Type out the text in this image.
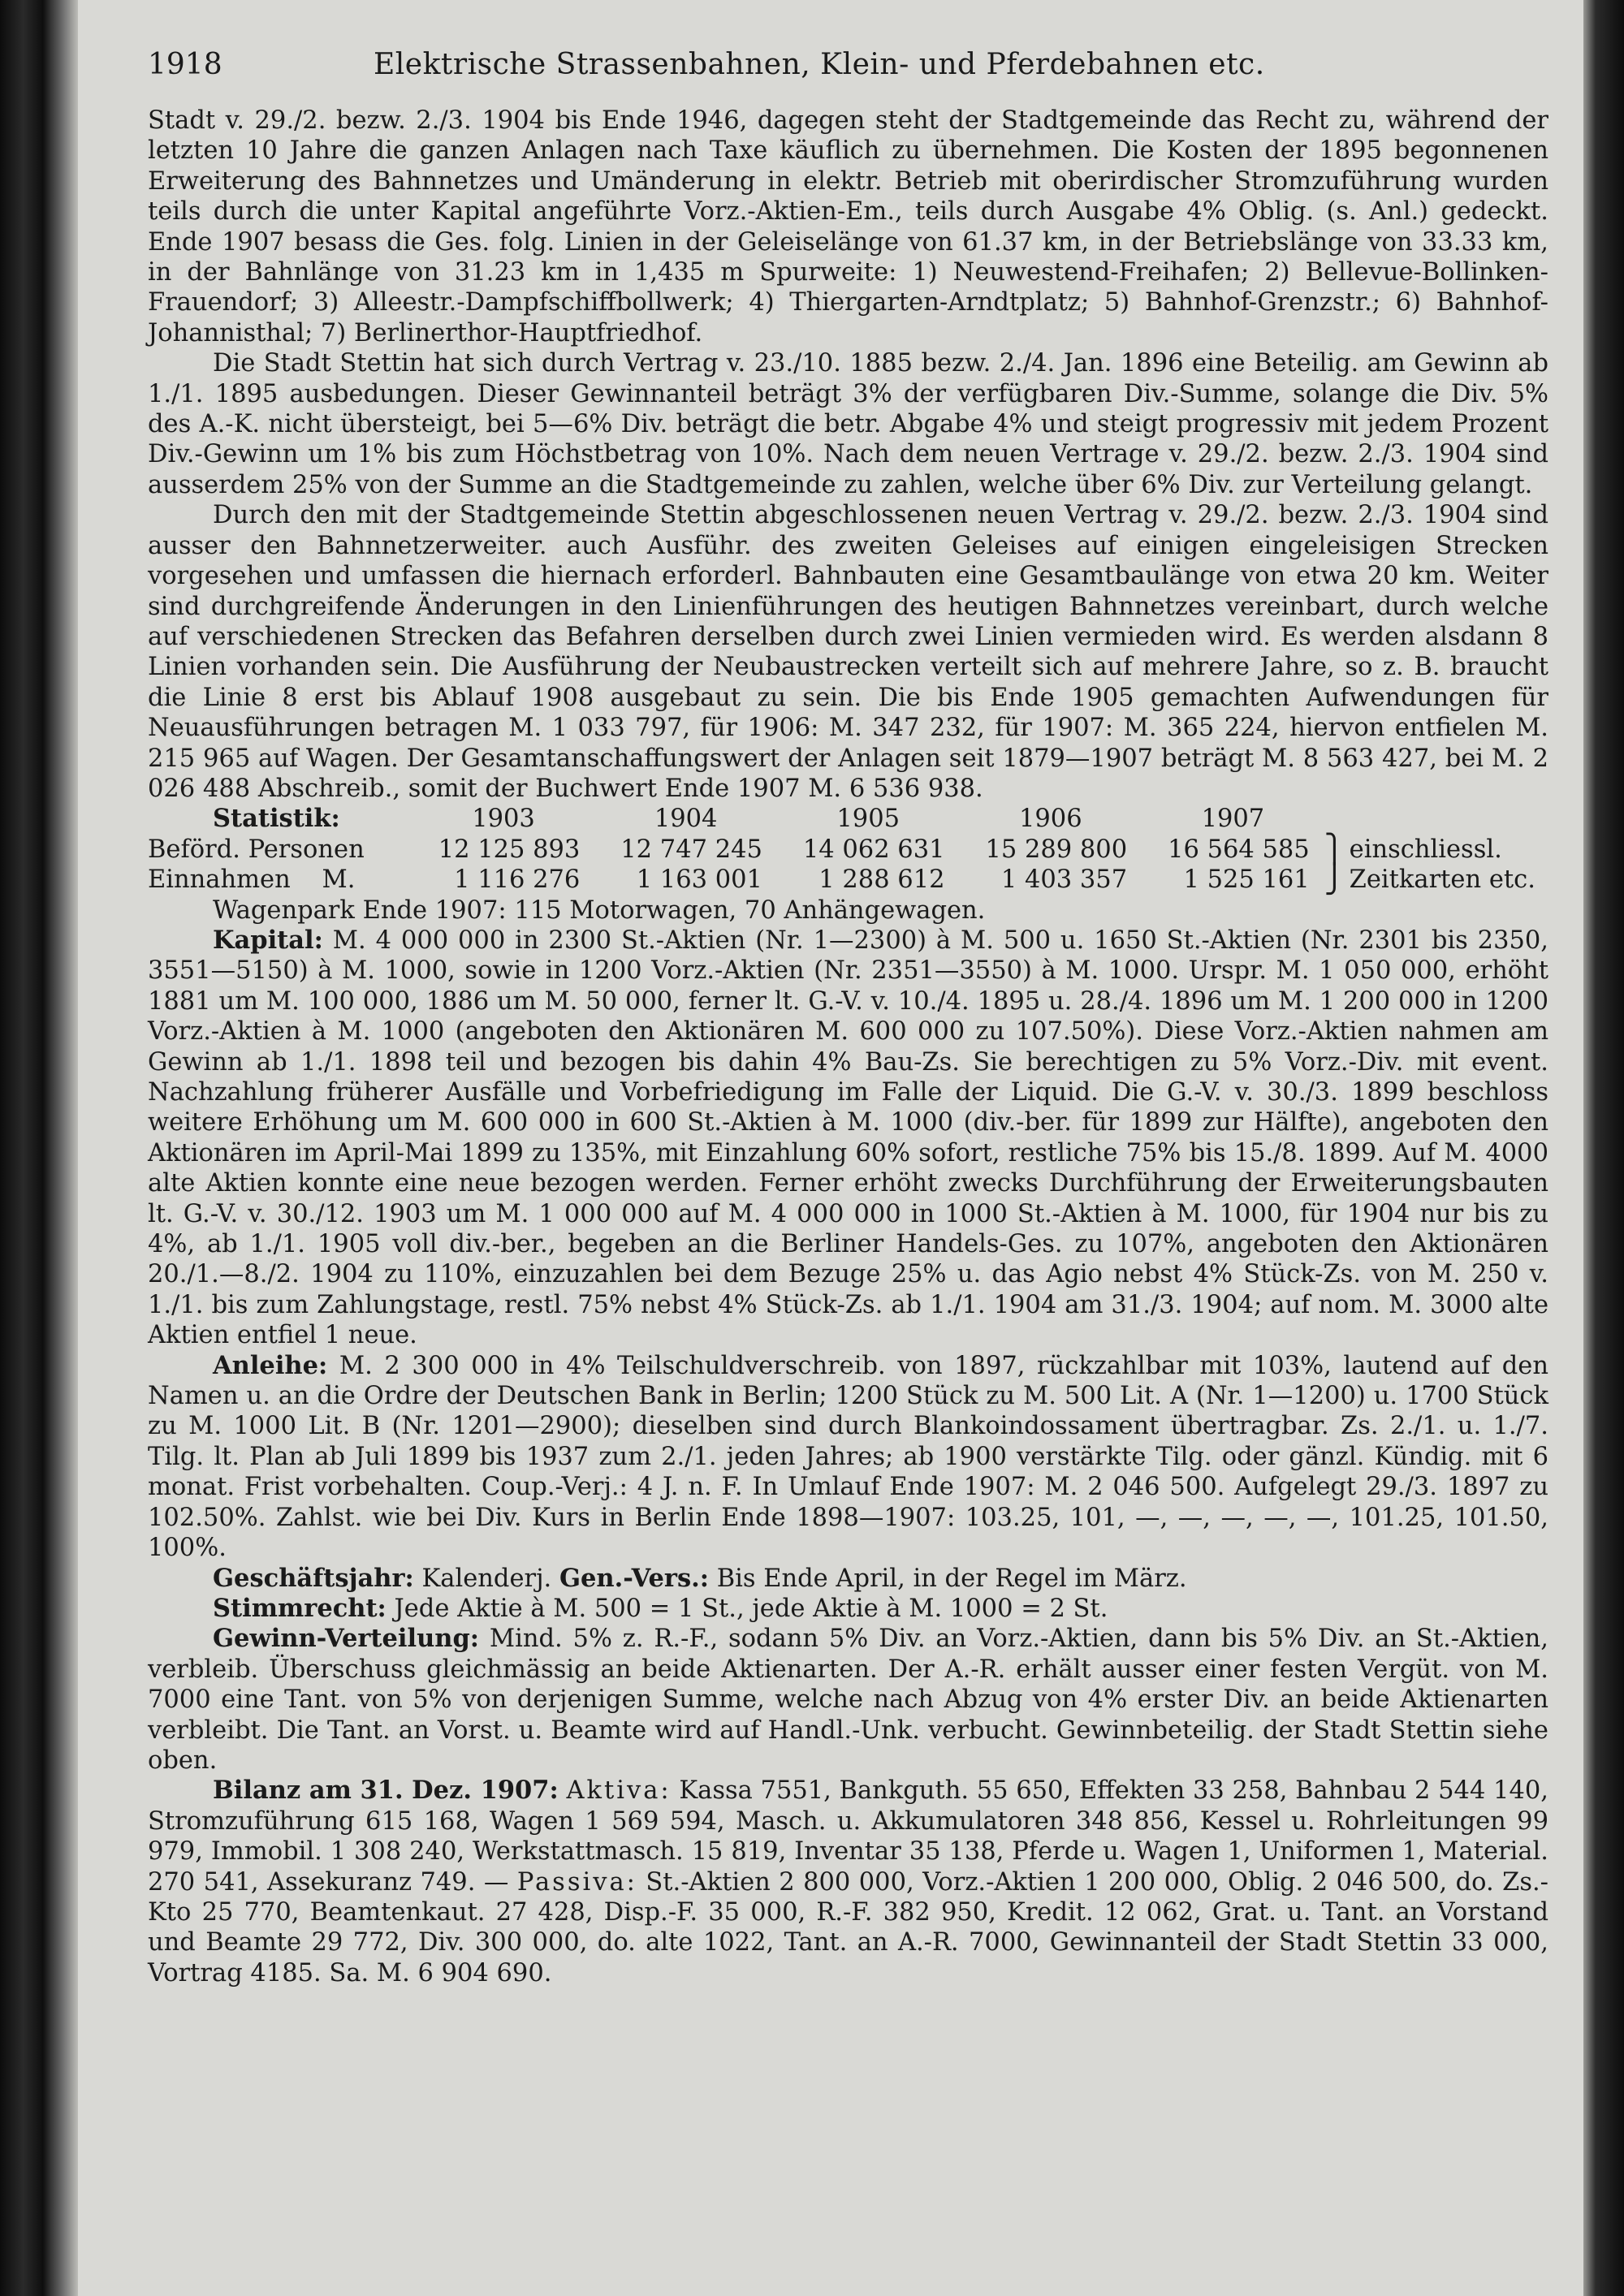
1918	Elektrische Strassenbahnen, Klein- und Pferdebahnen etc.

Stadt v. 29./2. bezw. 2./3. 1904 bis Ende 1946, dagegen steht der Stadtgemeinde das Recht zu, während der letzten 10 Jahre die ganzen Anlagen nach Taxe käuflich zu übernehmen. Die Kosten der 1895 begonnenen Erweiterung des Bahnnetzes und Umänderung in elektr. Betrieb mit oberirdischer Stromzuführung wurden teils durch die unter Kapital angeführte Vorz.-Aktien-Em., teils durch Ausgabe 4% Oblig. (s. Anl.) gedeckt. Ende 1907 besass die Ges. folg. Linien in der Geleiselänge von 61.37 km, in der Betriebslänge von 33.33 km, in der Bahnlänge von 31.23 km in 1,435 m Spurweite: 1) Neuwestend-Freihafen; 2) Bellevue-Bollinken-Frauendorf; 3) Alleestr.-Dampfschiffbollwerk; 4) Thiergarten-Arndtplatz; 5) Bahnhof-Grenzstr.; 6) Bahnhof-Johannisthal; 7) Berlinerthor-Hauptfriedhof.

Die Stadt Stettin hat sich durch Vertrag v. 23./10. 1885 bezw. 2./4. Jan. 1896 eine Beteilig. am Gewinn ab 1./1. 1895 ausbedungen. Dieser Gewinnanteil beträgt 3% der verfügbaren Div.-Summe, solange die Div. 5% des A.-K. nicht übersteigt, bei 5—6% Div. beträgt die betr. Abgabe 4% und steigt progressiv mit jedem Prozent Div.-Gewinn um 1% bis zum Höchstbetrag von 10%. Nach dem neuen Vertrage v. 29./2. bezw. 2./3. 1904 sind ausserdem 25% von der Summe an die Stadtgemeinde zu zahlen, welche über 6% Div. zur Verteilung gelangt.

Durch den mit der Stadtgemeinde Stettin abgeschlossenen neuen Vertrag v. 29./2. bezw. 2./3. 1904 sind ausser den Bahnnetzerweiter. auch Ausführ. des zweiten Geleises auf einigen eingeleisigen Strecken vorgesehen und umfassen die hiernach erforderl. Bahnbauten eine Gesamtbaulänge von etwa 20 km. Weiter sind durchgreifende Änderungen in den Linienführungen des heutigen Bahnnetzes vereinbart, durch welche auf verschiedenen Strecken das Befahren derselben durch zwei Linien vermieden wird. Es werden alsdann 8 Linien vorhanden sein. Die Ausführung der Neubaustrecken verteilt sich auf mehrere Jahre, so z. B. braucht die Linie 8 erst bis Ablauf 1908 ausgebaut zu sein. Die bis Ende 1905 gemachten Aufwendungen für Neuausführungen betragen M. 1 033 797, für 1906: M. 347 232, für 1907: M. 365 224, hiervon entfielen M. 215 965 auf Wagen. Der Gesamtanschaffungswert der Anlagen seit 1879—1907 beträgt M. 8 563 427, bei M. 2 026 488 Abschreib., somit der Buchwert Ende 1907 M. 6 536 938.

Statistik:	1903	1904	1905	1906	1907		
Beförd. Personen	12 125 893	12 747 245	14 062 631	15 289 800	16 564 585	⎫	einschliessl.
Einnahmen M.	1 116 276	1 163 001	1 288 612	1 403 357	1 525 161	⎭	Zeitkarten etc.

Wagenpark Ende 1907: 115 Motorwagen, 70 Anhängewagen.

Kapital: M. 4 000 000 in 2300 St.-Aktien (Nr. 1—2300) à M. 500 u. 1650 St.-Aktien (Nr. 2301 bis 2350, 3551—5150) à M. 1000, sowie in 1200 Vorz.-Aktien (Nr. 2351—3550) à M. 1000. Urspr. M. 1 050 000, erhöht 1881 um M. 100 000, 1886 um M. 50 000, ferner lt. G.-V. v. 10./4. 1895 u. 28./4. 1896 um M. 1 200 000 in 1200 Vorz.-Aktien à M. 1000 (angeboten den Aktionären M. 600 000 zu 107.50%). Diese Vorz.-Aktien nahmen am Gewinn ab 1./1. 1898 teil und bezogen bis dahin 4% Bau-Zs. Sie berechtigen zu 5% Vorz.-Div. mit event. Nachzahlung früherer Ausfälle und Vorbefriedigung im Falle der Liquid. Die G.-V. v. 30./3. 1899 beschloss weitere Erhöhung um M. 600 000 in 600 St.-Aktien à M. 1000 (div.-ber. für 1899 zur Hälfte), angeboten den Aktionären im April-Mai 1899 zu 135%, mit Einzahlung 60% sofort, restliche 75% bis 15./8. 1899. Auf M. 4000 alte Aktien konnte eine neue bezogen werden. Ferner erhöht zwecks Durchführung der Erweiterungsbauten lt. G.-V. v. 30./12. 1903 um M. 1 000 000 auf M. 4 000 000 in 1000 St.-Aktien à M. 1000, für 1904 nur bis zu 4%, ab 1./1. 1905 voll div.-ber., begeben an die Berliner Handels-Ges. zu 107%, angeboten den Aktionären 20./1.—8./2. 1904 zu 110%, einzuzahlen bei dem Bezuge 25% u. das Agio nebst 4% Stück-Zs. von M. 250 v. 1./1. bis zum Zahlungstage, restl. 75% nebst 4% Stück-Zs. ab 1./1. 1904 am 31./3. 1904; auf nom. M. 3000 alte Aktien entfiel 1 neue.

Anleihe: M. 2 300 000 in 4% Teilschuldverschreib. von 1897, rückzahlbar mit 103%, lautend auf den Namen u. an die Ordre der Deutschen Bank in Berlin; 1200 Stück zu M. 500 Lit. A (Nr. 1—1200) u. 1700 Stück zu M. 1000 Lit. B (Nr. 1201—2900); dieselben sind durch Blankoindossament übertragbar. Zs. 2./1. u. 1./7. Tilg. lt. Plan ab Juli 1899 bis 1937 zum 2./1. jeden Jahres; ab 1900 verstärkte Tilg. oder gänzl. Kündig. mit 6 monat. Frist vorbehalten. Coup.-Verj.: 4 J. n. F. In Umlauf Ende 1907: M. 2 046 500. Aufgelegt 29./3. 1897 zu 102.50%. Zahlst. wie bei Div. Kurs in Berlin Ende 1898—1907: 103.25, 101, —, —, —, —, —, 101.25, 101.50, 100%.

Geschäftsjahr: Kalenderj. Gen.-Vers.: Bis Ende April, in der Regel im März.

Stimmrecht: Jede Aktie à M. 500 = 1 St., jede Aktie à M. 1000 = 2 St.

Gewinn-Verteilung: Mind. 5% z. R.-F., sodann 5% Div. an Vorz.-Aktien, dann bis 5% Div. an St.-Aktien, verbleib. Überschuss gleichmässig an beide Aktienarten. Der A.-R. erhält ausser einer festen Vergüt. von M. 7000 eine Tant. von 5% von derjenigen Summe, welche nach Abzug von 4% erster Div. an beide Aktienarten verbleibt. Die Tant. an Vorst. u. Beamte wird auf Handl.-Unk. verbucht. Gewinnbeteilig. der Stadt Stettin siehe oben.

Bilanz am 31. Dez. 1907: Aktiva: Kassa 7551, Bankguth. 55 650, Effekten 33 258, Bahnbau 2 544 140, Stromzuführung 615 168, Wagen 1 569 594, Masch. u. Akkumulatoren 348 856, Kessel u. Rohrleitungen 99 979, Immobil. 1 308 240, Werkstattmasch. 15 819, Inventar 35 138, Pferde u. Wagen 1, Uniformen 1, Material. 270 541, Assekuranz 749. — Passiva: St.-Aktien 2 800 000, Vorz.-Aktien 1 200 000, Oblig. 2 046 500, do. Zs.-Kto 25 770, Beamtenkaut. 27 428, Disp.-F. 35 000, R.-F. 382 950, Kredit. 12 062, Grat. u. Tant. an Vorstand und Beamte 29 772, Div. 300 000, do. alte 1022, Tant. an A.-R. 7000, Gewinnanteil der Stadt Stettin 33 000, Vortrag 4185. Sa. M. 6 904 690.
